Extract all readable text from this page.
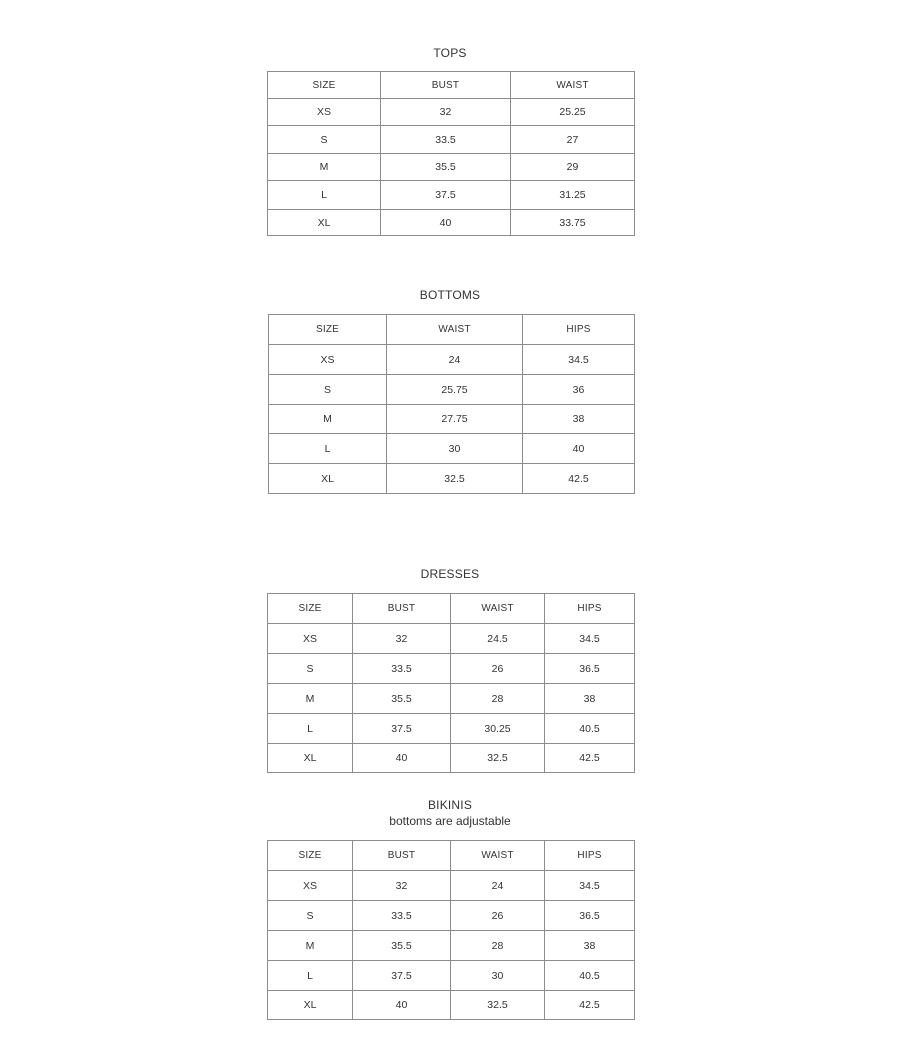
TOPS
SIZE	BUST	WAIST
XS	32	25.25
S	33.5	27
M	35.5	29
L	37.5	31.25
XL	40	33.75
BOTTOMS
SIZE	WAIST	HIPS
XS	24	34.5
S	25.75	36
M	27.75	38
L	30	40
XL	32.5	42.5
DRESSES
SIZE	BUST	WAIST	HIPS
XS	32	24.5	34.5
S	33.5	26	36.5
M	35.5	28	38
L	37.5	30.25	40.5
XL	40	32.5	42.5
BIKINIS
bottoms are adjustable
SIZE	BUST	WAIST	HIPS
XS	32	24	34.5
S	33.5	26	36.5
M	35.5	28	38
L	37.5	30	40.5
XL	40	32.5	42.5
